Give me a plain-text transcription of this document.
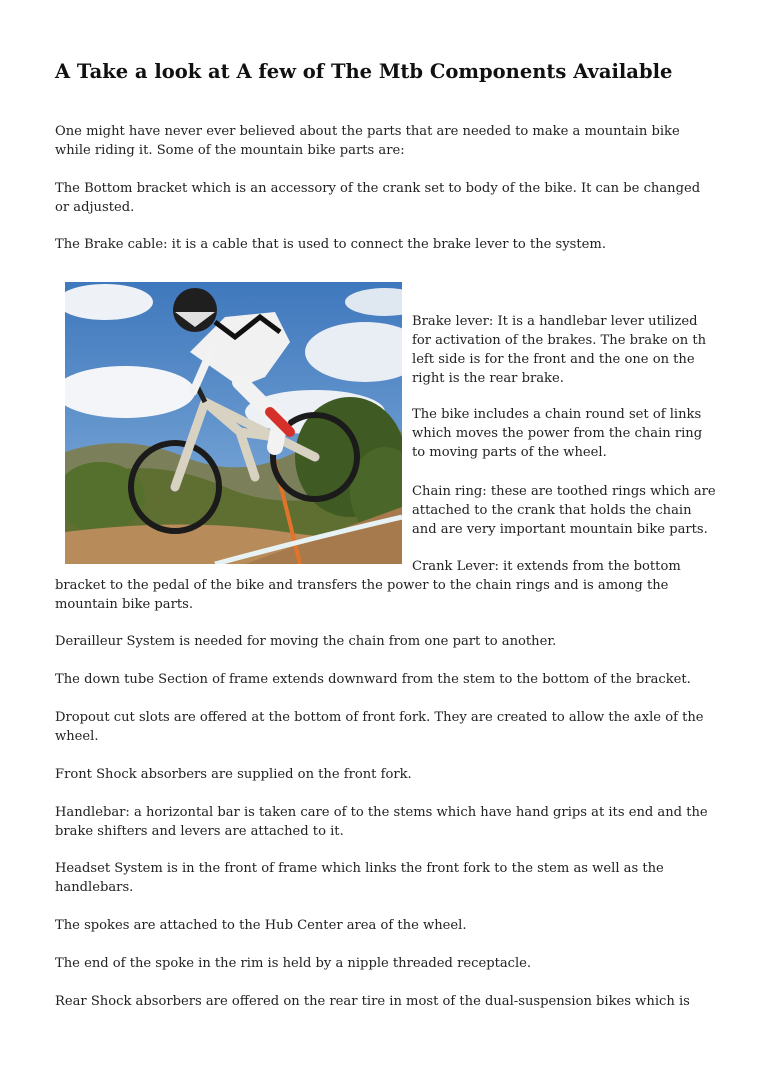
A Take a look at A few of The Mtb Components Available

One might have never ever believed about the parts that are needed to make a mountain bike while riding it. Some of the mountain bike parts are:

The Bottom bracket which is an accessory of the crank set to body of the bike. It can be changed or adjusted.

The Brake cable: it is a cable that is used to connect the brake lever to the system.

Brake lever: It is a handlebar lever utilized for activation of the brakes. The brake on th left side is for the front and the one on the right is the rear brake.

The bike includes a chain round set of links which moves the power from the chain ring to moving parts of the wheel.

Chain ring: these are toothed rings which are attached to the crank that holds the chain and are very important mountain bike parts.

Crank Lever: it extends from the bottom

bracket to the pedal of the bike and transfers the power to the chain rings and is among the mountain bike parts.

Derailleur System is needed for moving the chain from one part to another.

The down tube Section of frame extends downward from the stem to the bottom of the bracket.

Dropout cut slots are offered at the bottom of front fork. They are created to allow the axle of the wheel.

Front Shock absorbers are supplied on the front fork.

Handlebar: a horizontal bar is taken care of to the stems which have hand grips at its end and the brake shifters and levers are attached to it.

Headset System is in the front of frame which links the front fork to the stem as well as the handlebars.

The spokes are attached to the Hub Center area of the wheel.

The end of the spoke in the rim is held by a nipple threaded receptacle.

Rear Shock absorbers are offered on the rear tire in most of the dual-suspension bikes which is
